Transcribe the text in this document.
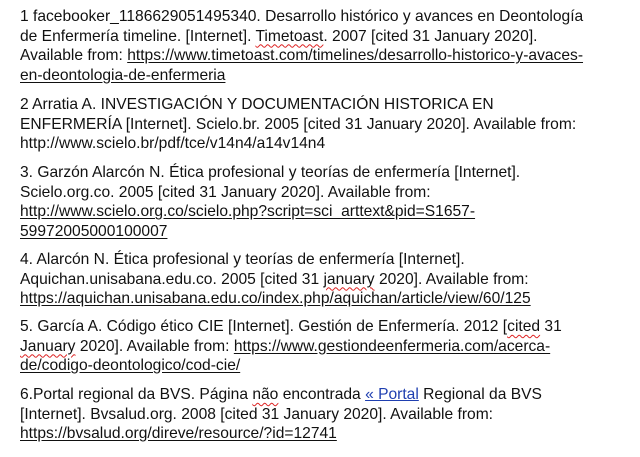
1 facebooker_1186629051495340. Desarrollo histórico y avances en Deontología
de Enfermería timeline. [Internet]. Timetoast. 2007 [cited 31 January 2020].
Available from: https://www.timetoast.com/timelines/desarrollo-historico-y-avaces-
en-deontologia-de-enfermeria
2 Arratia A. INVESTIGACIÓN Y DOCUMENTACIÓN HISTORICA EN
ENFERMERÍA [Internet]. Scielo.br. 2005 [cited 31 January 2020]. Available from:
http://www.scielo.br/pdf/tce/v14n4/a14v14n4
3. Garzón Alarcón N. Ética profesional y teorías de enfermería [Internet].
Scielo.org.co. 2005 [cited 31 January 2020]. Available from:
http://www.scielo.org.co/scielo.php?script=sci_arttext&pid=S1657-
59972005000100007
4. Alarcón N. Ética profesional y teorías de enfermería [Internet].
Aquichan.unisabana.edu.co. 2005 [cited 31 january 2020]. Available from:
https://aquichan.unisabana.edu.co/index.php/aquichan/article/view/60/125
5. García A. Código ético CIE [Internet]. Gestión de Enfermería. 2012 [cited 31
January 2020]. Available from: https://www.gestiondeenfermeria.com/acerca-
de/codigo-deontologico/cod-cie/
6.Portal regional da BVS. Página não encontrada « Portal Regional da BVS
[Internet]. Bvsalud.org. 2008 [cited 31 January 2020]. Available from:
https://bvsalud.org/direve/resource/?id=12741
